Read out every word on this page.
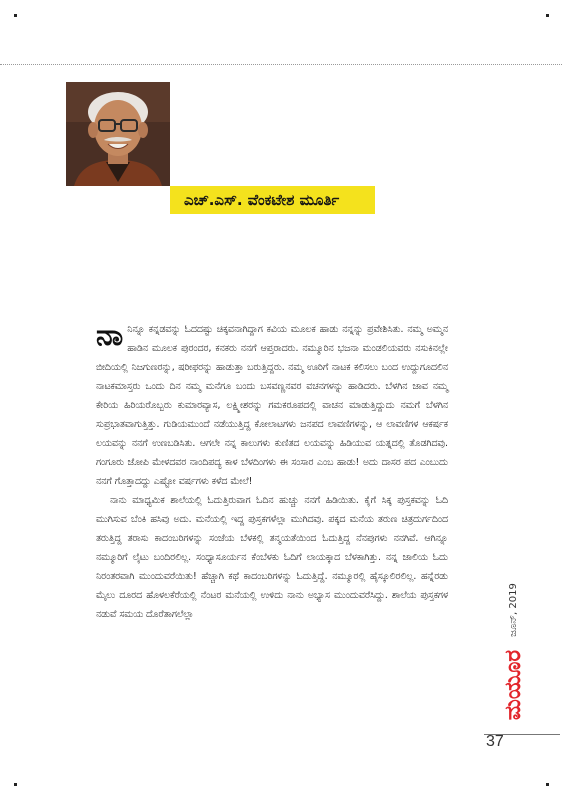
ಎಚ್.ಎಸ್. ವೆಂಕಟೇಶ ಮೂರ್ತಿ

ನಾನಿನ್ನೂ ಕನ್ನಡವನ್ನು ಓದದಷ್ಟು ಚಿಕ್ಕವನಾಗಿದ್ದಾಗ ಕವಿಯ ಮೂಲಕ ಹಾಡು ನನ್ನನ್ನು ಪ್ರವೇಶಿಸಿತು. ನಮ್ಮ ಅಮ್ಮನ ಹಾಡಿನ ಮೂಲಕ ಪುರಂದರ, ಕನಕರು ನನಗೆ ಆಪ್ತರಾದರು. ನಮ್ಮೂರಿನ ಭಜನಾ ಮಂಡಲಿಯವರು ನಸುಕಿನಲ್ಲೇ ಬೀದಿಯಲ್ಲಿ ನಿಜಗುಣರನ್ನು, ಷರೀಫರನ್ನು ಹಾಡುತ್ತಾ ಬರುತ್ತಿದ್ದರು. ನಮ್ಮ ಊರಿಗೆ ನಾಟಕ ಕಲಿಸಲು ಬಂದ ಉದ್ದುಗೂದಲಿನ ನಾಟಕಮಾಸ್ತರು ಒಂದು ದಿನ ನಮ್ಮ ಮನೆಗೂ ಬಂದು ಬಸವಣ್ಣನವರ ವಚನಗಳನ್ನು ಹಾಡಿದರು. ಬೆಳಗಿನ ಜಾವ ನಮ್ಮ ಕೇರಿಯ ಹಿರಿಯರೊಬ್ಬರು ಕುಮಾರವ್ಯಾಸ, ಲಕ್ಷ್ಮೀಶರನ್ನು ಗಮಕರೂಪದಲ್ಲಿ ವಾಚನ ಮಾಡುತ್ತಿದ್ದುದು ನಮಗೆ ಬೆಳಗಿನ ಸುಪ್ರಭಾತವಾಗುತ್ತಿತ್ತು. ಗುಡಿಯಮುಂದೆ ನಡೆಯುತ್ತಿದ್ದ ಕೋಲಾಟಗಳು ಜನಪದ ಲಾವಣಿಗಳನ್ನು, ಆ ಲಾವಣಿಗಳ ಆಕರ್ಷಕ ಲಯವನ್ನು ನನಗೆ ಉಣಬಡಿಸಿತು. ಆಗಲೇ ನನ್ನ ಕಾಲುಗಳು ಕುಣಿತದ ಲಯವನ್ನು ಹಿಡಿಯುವ ಯತ್ನದಲ್ಲಿ ತೊಡಗಿದವು. ಗಂಗೂರು ಜೋಪಿ ಮೇಳದವರ ನಾಂದಿಪದ್ಯ ಕಾಳ ಬೆಳದಿಂಗಳು ಈ ಸಂಸಾರ ಎಂಬ ಹಾಡು! ಅದು ದಾಸರ ಪದ ಎಂಬುದು ನನಗೆ ಗೊತ್ತಾದದ್ದು ಎಷ್ಟೋ ವರ್ಷಗಳು ಕಳೆದ ಮೇಲೆ!

ನಾನು ಮಾಧ್ಯಮಿಕ ಶಾಲೆಯಲ್ಲಿ ಓದುತ್ತಿರುವಾಗ ಓದಿನ ಹುಚ್ಚು ನನಗೆ ಹಿಡಿಯಿತು. ಕೈಗೆ ಸಿಕ್ಕ ಪುಸ್ತಕವನ್ನು ಓದಿ ಮುಗಿಸುವ ಬೆಂಕಿ ಹಸಿವು ಅದು. ಮನೆಯಲ್ಲಿ ಇದ್ದ ಪುಸ್ತಕಗಳೆಲ್ಲಾ ಮುಗಿದವು. ಪಕ್ಕದ ಮನೆಯ ತರುಣ ಚಿತ್ರದುರ್ಗದಿಂದ ತರುತ್ತಿದ್ದ ತರಾಸು ಕಾದಂಬರಿಗಳನ್ನು ಸಂಜೆಯ ಬೆಳಕಲ್ಲಿ ತನ್ಮಯತೆಯಿಂದ ಓದುತ್ತಿದ್ದ ನೆನಪುಗಳು ನನಗಿವೆ. ಆಗಿನ್ನೂ ನಮ್ಮೂರಿಗೆ ಲೈಟು ಬಂದಿರಲಿಲ್ಲ. ಸಂಧ್ಯಾಸೂರ್ಯನ ಕೆಂಬೆಳಕು ಓದಿಗೆ ಲಾಯಕ್ಕಾದ ಬೆಳಕಾಗಿತ್ತು. ನನ್ನ ಜಾಲಿಯ ಓದು ನಿರಂತರವಾಗಿ ಮುಂದುವರೆಯಿತು! ಹೆಚ್ಚಾಗಿ ಕಥೆ ಕಾದಂಬರಿಗಳನ್ನು ಓದುತ್ತಿದ್ದೆ. ನಮ್ಮೂರಲ್ಲಿ ಹೈಸ್ಕೂಲಿರಲಿಲ್ಲ. ಹನ್ನೆರಡು ಮೈಲು ದೂರದ ಹೊಳಲಕೆರೆಯಲ್ಲಿ ನೆಂಟರ ಮನೆಯಲ್ಲಿ ಉಳಿದು ನಾನು ಅಭ್ಯಾಸ ಮುಂದುವರೆಸಿದ್ದು. ಶಾಲೆಯ ಪುಸ್ತಕಗಳ ನಡುವೆ ಸಮಯ ದೊರೆತಾಗಲೆಲ್ಲಾ	ಜೂನ್, 2019
ಮಯೂರ
37
